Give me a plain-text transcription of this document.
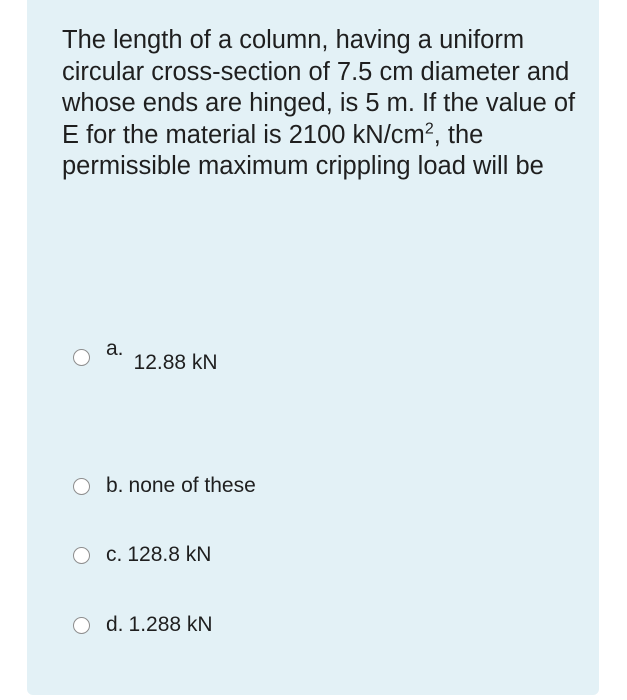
The length of a column, having a uniform circular cross-section of 7.5 cm diameter and whose ends are hinged, is 5 m. If the value of E for the material is 2100 $kN/cm^2$, the permissible maximum crippling load will be
a.
12.88 kN
b. none of these
c. 128.8 kN
d. 1.288 kN
